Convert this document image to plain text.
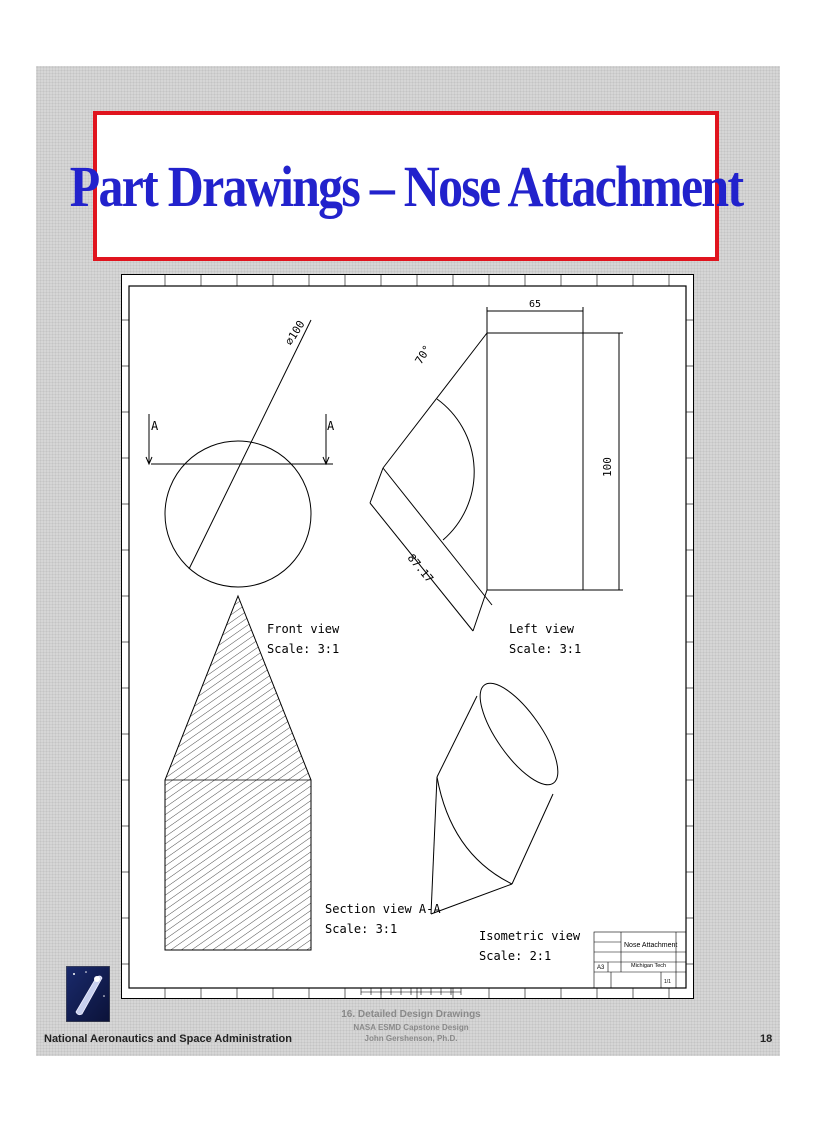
Part Drawings – Nose Attachment
A	A
⌀100
65
100
70°
87.17
Front view
Scale: 3:1
Left view
Scale: 3:1
Section view A-A
Scale: 3:1	Isometric view
Scale: 2:1
Nose Attachment
Michigan Tech
A3
1/1
National Aeronautics and Space Administration
16. Detailed Design Drawings
NASA ESMD Capstone Design
John Gershenson, Ph.D.	18
